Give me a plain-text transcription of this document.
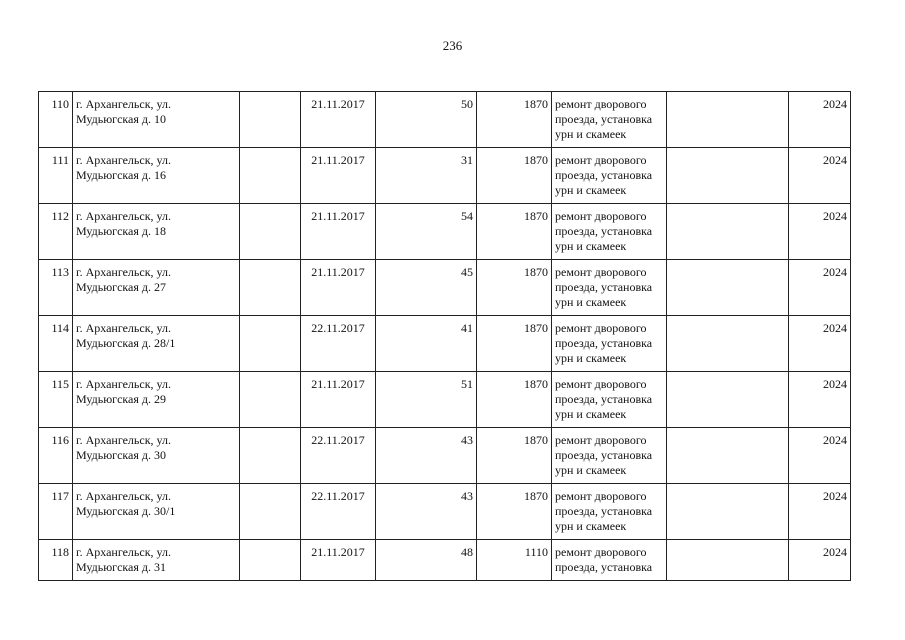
236
110	г. Архангельск, ул.
Мудьюгская д. 10		21.11.2017	50	1870	ремонт дворового
проезда, установка
урн и скамеек		2024
111	г. Архангельск, ул.
Мудьюгская д. 16		21.11.2017	31	1870	ремонт дворового
проезда, установка
урн и скамеек		2024
112	г. Архангельск, ул.
Мудьюгская д. 18		21.11.2017	54	1870	ремонт дворового
проезда, установка
урн и скамеек		2024
113	г. Архангельск, ул.
Мудьюгская д. 27		21.11.2017	45	1870	ремонт дворового
проезда, установка
урн и скамеек		2024
114	г. Архангельск, ул.
Мудьюгская д. 28/1		22.11.2017	41	1870	ремонт дворового
проезда, установка
урн и скамеек		2024
115	г. Архангельск, ул.
Мудьюгская д. 29		21.11.2017	51	1870	ремонт дворового
проезда, установка
урн и скамеек		2024
116	г. Архангельск, ул.
Мудьюгская д. 30		22.11.2017	43	1870	ремонт дворового
проезда, установка
урн и скамеек		2024
117	г. Архангельск, ул.
Мудьюгская д. 30/1		22.11.2017	43	1870	ремонт дворового
проезда, установка
урн и скамеек		2024
118	г. Архангельск, ул.
Мудьюгская д. 31		21.11.2017	48	1110	ремонт дворового
проезда, установка		2024
